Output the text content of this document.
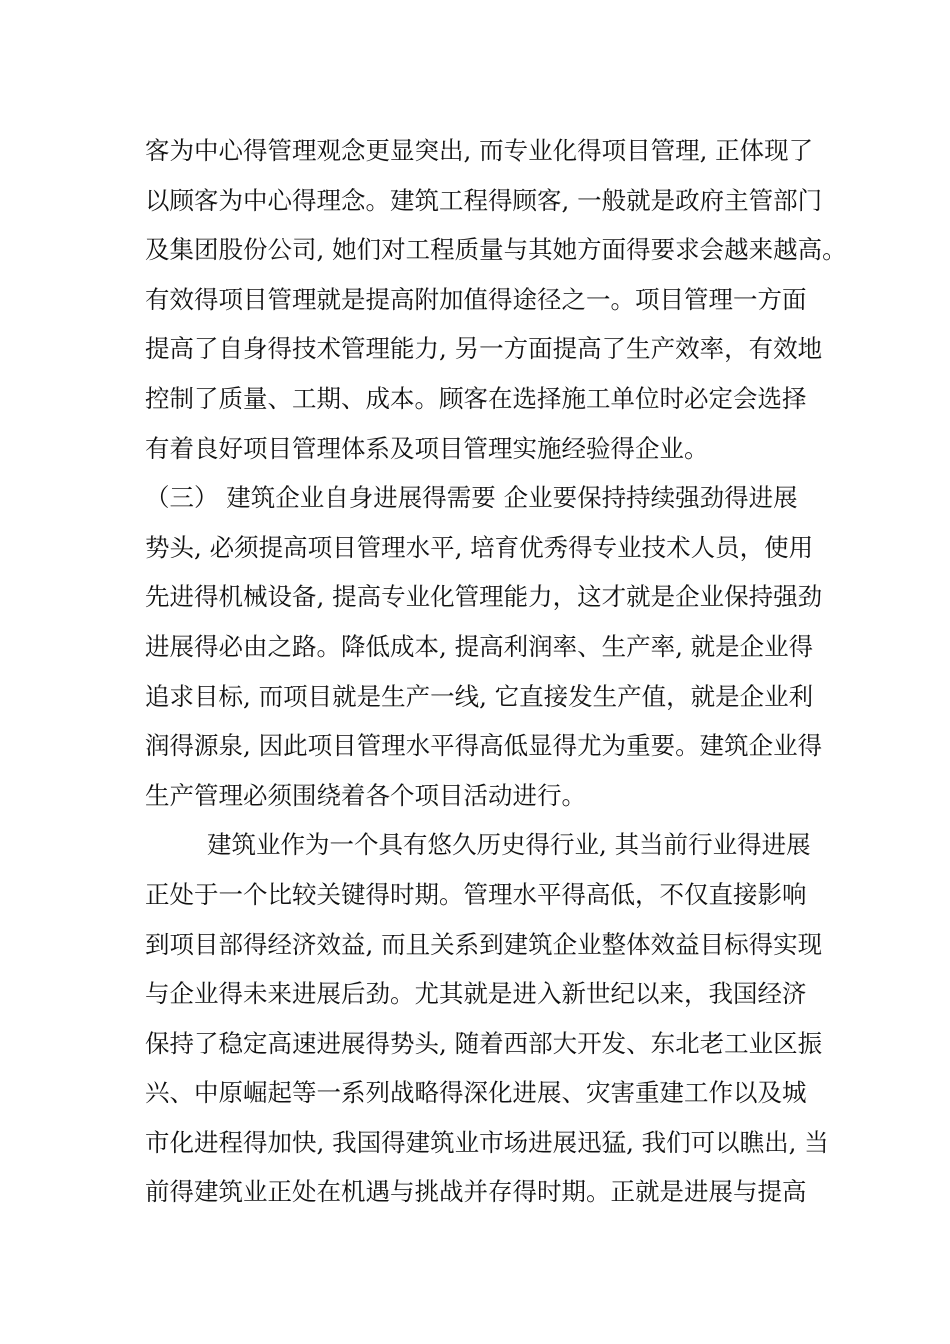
客为中心得管理观念更显突出, 而专业化得项目管理, 正体现了
以顾客为中心得理念。建筑工程得顾客, 一般就是政府主管部门
及集团股份公司, 她们对工程质量与其她方面得要求会越来越高。
有效得项目管理就是提高附加值得途径之一。项目管理一方面
提高了自身得技术管理能力, 另一方面提高了生产效率，有效地
控制了质量、工期、成本。顾客在选择施工单位时必定会选择
有着良好项目管理体系及项目管理实施经验得企业。
（三） 建筑企业自身进展得需要 企业要保持持续强劲得进展
势头, 必须提高项目管理水平, 培育优秀得专业技术人员，使用
先进得机械设备, 提高专业化管理能力，这才就是企业保持强劲
进展得必由之路。降低成本, 提高利润率、生产率, 就是企业得
追求目标, 而项目就是生产一线, 它直接发生产值，就是企业利
润得源泉, 因此项目管理水平得高低显得尤为重要。建筑企业得
生产管理必须围绕着各个项目活动进行。
建筑业作为一个具有悠久历史得行业, 其当前行业得进展
正处于一个比较关键得时期。管理水平得高低，不仅直接影响
到项目部得经济效益, 而且关系到建筑企业整体效益目标得实现
与企业得未来进展后劲。尤其就是进入新世纪以来，我国经济
保持了稳定高速进展得势头, 随着西部大开发、东北老工业区振
兴、中原崛起等一系列战略得深化进展、灾害重建工作以及城
市化进程得加快, 我国得建筑业市场进展迅猛, 我们可以瞧出, 当
前得建筑业正处在机遇与挑战并存得时期。正就是进展与提高
